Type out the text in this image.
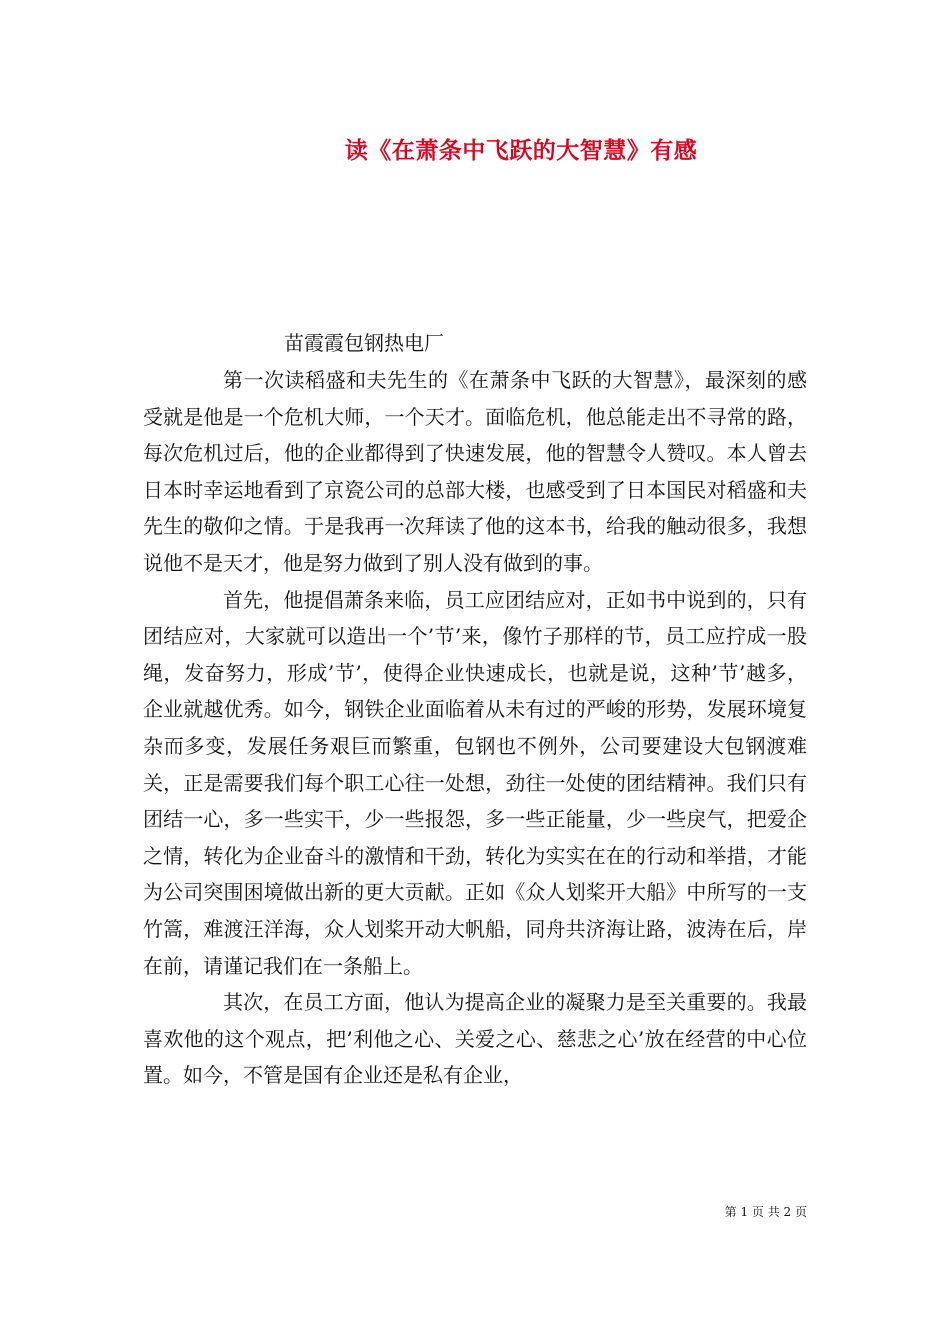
读《在萧条中飞跃的大智慧》有感
苗霞霞包钢热电厂

第一次读稻盛和夫先生的《在萧条中飞跃的大智慧》，最深刻的感受就是他是一个危机大师，一个天才。面临危机，他总能走出不寻常的路，每次危机过后，他的企业都得到了快速发展，他的智慧令人赞叹。本人曾去日本时幸运地看到了京瓷公司的总部大楼，也感受到了日本国民对稻盛和夫先生的敬仰之情。于是我再一次拜读了他的这本书，给我的触动很多，我想说他不是天才，他是努力做到了别人没有做到的事。

首先，他提倡萧条来临，员工应团结应对，正如书中说到的，只有团结应对，大家就可以造出一个’节’来，像竹子那样的节，员工应拧成一股绳，发奋努力，形成’节’，使得企业快速成长，也就是说，这种’节’越多，企业就越优秀。如今，钢铁企业面临着从未有过的严峻的形势，发展环境复杂而多变，发展任务艰巨而繁重，包钢也不例外，公司要建设大包钢渡难关，正是需要我们每个职工心往一处想，劲往一处使的团结精神。我们只有团结一心，多一些实干，少一些报怨，多一些正能量，少一些戾气，把爱企之情，转化为企业奋斗的激情和干劲，转化为实实在在的行动和举措，才能为公司突围困境做出新的更大贡献。正如《众人划桨开大船》中所写的一支竹篙，难渡汪洋海，众人划桨开动大帆船，同舟共济海让路，波涛在后，岸在前，请谨记我们在一条船上。

其次，在员工方面，他认为提高企业的凝聚力是至关重要的。我最喜欢他的这个观点，把’利他之心、关爱之心、慈悲之心’放在经营的中心位置。如今，不管是国有企业还是私有企业，

第 1 页 共 2 页
